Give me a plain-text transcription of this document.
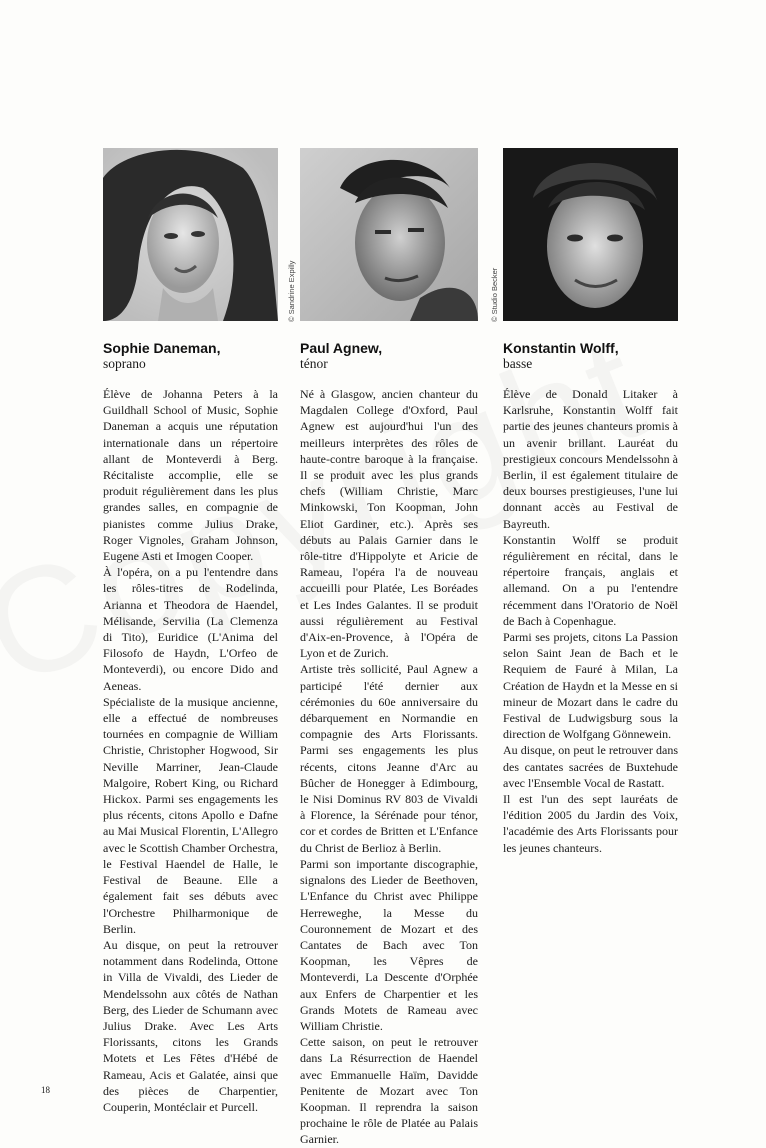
Sophie Daneman,
soprano

Élève de Johanna Peters à la Guildhall School of Music, Sophie Daneman a acquis une réputation internationale dans un répertoire allant de Monteverdi à Berg. Récitaliste accomplie, elle se produit régulièrement dans les plus grandes salles, en compagnie de pianistes comme Julius Drake, Roger Vignoles, Graham Johnson, Eugene Asti et Imogen Cooper.

À l'opéra, on a pu l'entendre dans les rôles-titres de Rodelinda, Arianna et Theodora de Haendel, Mélisande, Servilia (La Clemenza di Tito), Euridice (L'Anima del Filosofo de Haydn, L'Orfeo de Monteverdi), ou encore Dido and Aeneas.

Spécialiste de la musique ancienne, elle a effectué de nombreuses tournées en compagnie de William Christie, Christopher Hogwood, Sir Neville Marriner, Jean-Claude Malgoire, Robert King, ou Richard Hickox. Parmi ses engagements les plus récents, citons Apollo e Dafne au Mai Musical Florentin, L'Allegro avec le Scottish Chamber Orchestra, le Festival Haendel de Halle, le Festival de Beaune. Elle a également fait ses débuts avec l'Orchestre Philharmonique de Berlin.

Au disque, on peut la retrouver notamment dans Rodelinda, Ottone in Villa de Vivaldi, des Lieder de Mendelssohn aux côtés de Nathan Berg, des Lieder de Schumann avec Julius Drake. Avec Les Arts Florissants, citons les Grands Motets et Les Fêtes d'Hébé de Rameau, Acis et Galatée, ainsi que des pièces de Charpentier, Couperin, Montéclair et Purcell.

© Sandrine Expilly	© Studio Becker
Paul Agnew,
ténor

Né à Glasgow, ancien chanteur du Magdalen College d'Oxford, Paul Agnew est aujourd'hui l'un des meilleurs interprètes des rôles de haute-contre baroque à la française. Il se produit avec les plus grands chefs (William Christie, Marc Minkowski, Ton Koopman, John Eliot Gardiner, etc.). Après ses débuts au Palais Garnier dans le rôle-titre d'Hippolyte et Aricie de Rameau, l'opéra l'a de nouveau accueilli pour Platée, Les Boréades et Les Indes Galantes. Il se produit aussi régulièrement au Festival d'Aix-en-Provence, à l'Opéra de Lyon et de Zurich.

Artiste très sollicité, Paul Agnew a participé l'été dernier aux cérémonies du 60e anniversaire du débarquement en Normandie en compagnie des Arts Florissants. Parmi ses engagements les plus récents, citons Jeanne d'Arc au Bûcher de Honegger à Edimbourg, le Nisi Dominus RV 803 de Vivaldi à Florence, la Sérénade pour ténor, cor et cordes de Britten et L'Enfance du Christ de Berlioz à Berlin.

Parmi son importante discographie, signalons des Lieder de Beethoven, L'Enfance du Christ avec Philippe Herreweghe, la Messe du Couronnement de Mozart et des Cantates de Bach avec Ton Koopman, les Vêpres de Monteverdi, La Descente d'Orphée aux Enfers de Charpentier et les Grands Motets de Rameau avec William Christie.

Cette saison, on peut le retrouver dans La Résurrection de Haendel avec Emmanuelle Haïm, Davidde Penitente de Mozart avec Ton Koopman. Il reprendra la saison prochaine le rôle de Platée au Palais Garnier.

Konstantin Wolff,
basse

Élève de Donald Litaker à Karlsruhe, Konstantin Wolff fait partie des jeunes chanteurs promis à un avenir brillant. Lauréat du prestigieux concours Mendelssohn à Berlin, il est également titulaire de deux bourses prestigieuses, l'une lui donnant accès au Festival de Bayreuth.

Konstantin Wolff se produit régulièrement en récital, dans le répertoire français, anglais et allemand. On a pu l'entendre récemment dans l'Oratorio de Noël de Bach à Copenhague.

Parmi ses projets, citons La Passion selon Saint Jean de Bach et le Requiem de Fauré à Milan, La Création de Haydn et la Messe en si mineur de Mozart dans le cadre du Festival de Ludwigsburg sous la direction de Wolfgang Gönnewein.

Au disque, on peut le retrouver dans des cantates sacrées de Buxtehude avec l'Ensemble Vocal de Rastatt.

Il est l'un des sept lauréats de l'édition 2005 du Jardin des Voix, l'académie des Arts Florissants pour les jeunes chanteurs.

18
